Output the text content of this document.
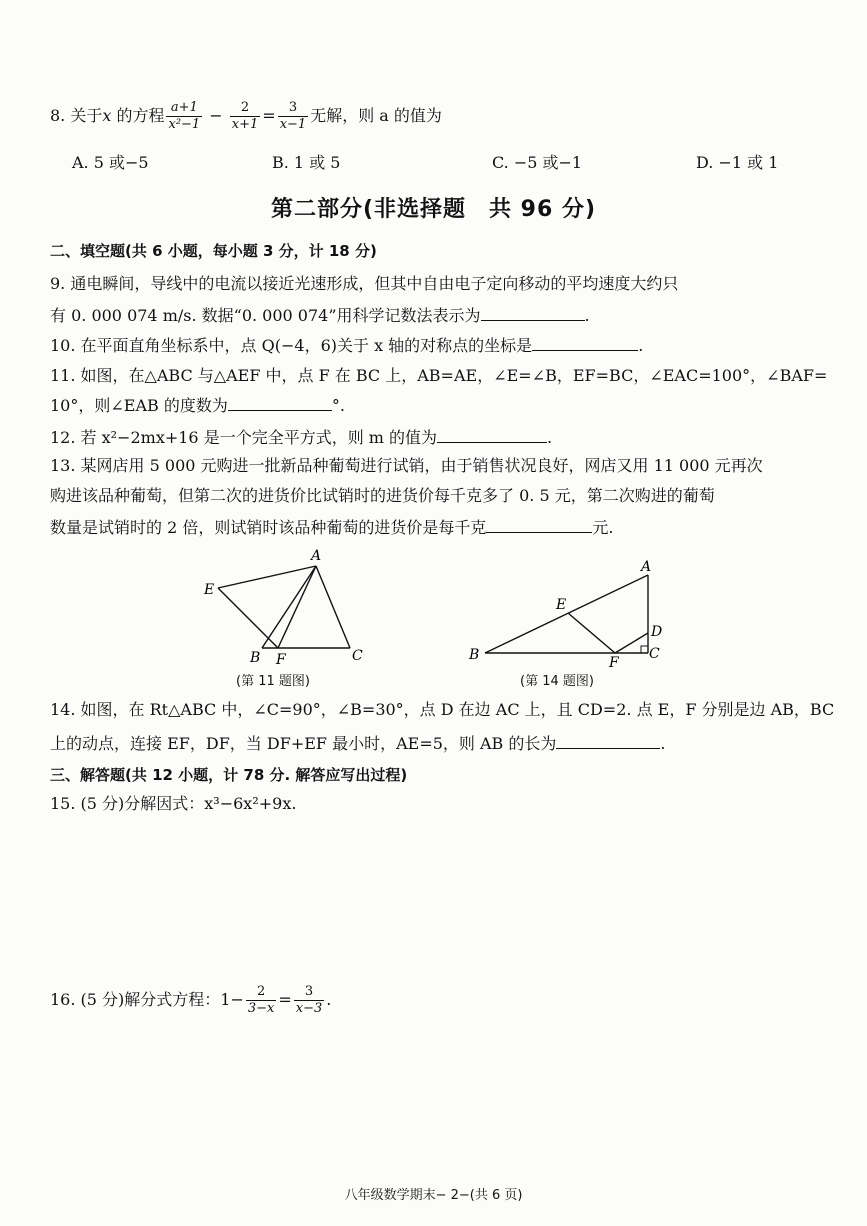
8. 关于x 的方程 $\frac{a+1}{\text{x²−1}} - \frac{2}{x+1} = \frac{3}{x-1}$ 无解，则 a 的值为
A. 5 或−5	B. 1 或 5	C. −5 或−1	D. −1 或 1
第二部分(非选择题　共 96 分)
二、填空题(共 6 小题，每小题 3 分，计 18 分)
9. 通电瞬间，导线中的电流以接近光速形成，但其中自由电子定向移动的平均速度大约只
有 0. 000 074 m/s. 数据“0. 000 074”用科学记数法表示为	.
10. 在平面直角坐标系中，点 Q(−4，6)关于 x 轴的对称点的坐标是	.
11. 如图，在△ABC 与△AEF 中，点 F 在 BC 上，AB=AE，∠E=∠B，EF=BC，∠EAC=100°，∠BAF=
10°，则∠EAB 的度数为	°.
12. 若 x²−2mx+16 是一个完全平方式，则 m 的值为	.
13. 某网店用 5 000 元购进一批新品种葡萄进行试销，由于销售状况良好，网店又用 11 000 元再次
购进该品种葡萄，但第二次的进货价比试销时的进货价每千克多了 0. 5 元，第二次购进的葡萄
数量是试销时的 2 倍，则试销时该品种葡萄的进货价是每千克	元.
A
E
B F	C
(第 11 题图)
A
E
B	F
C
D
(第 14 题图)
14. 如图，在 Rt△ABC 中，∠C=90°，∠B=30°，点 D 在边 AC 上，且 CD=2. 点 E，F 分别是边 AB，BC
上的动点，连接 EF，DF，当 DF+EF 最小时，AE=5，则 AB 的长为	.
三、解答题(共 12 小题，计 78 分. 解答应写出过程)
15. (5 分)分解因式：x³−6x²+9x.
16. (5 分)解分式方程：$1- \frac{2}{3-x} = \frac{3}{x-3}$ .
八年级数学期末− 2−(共 6 页)
